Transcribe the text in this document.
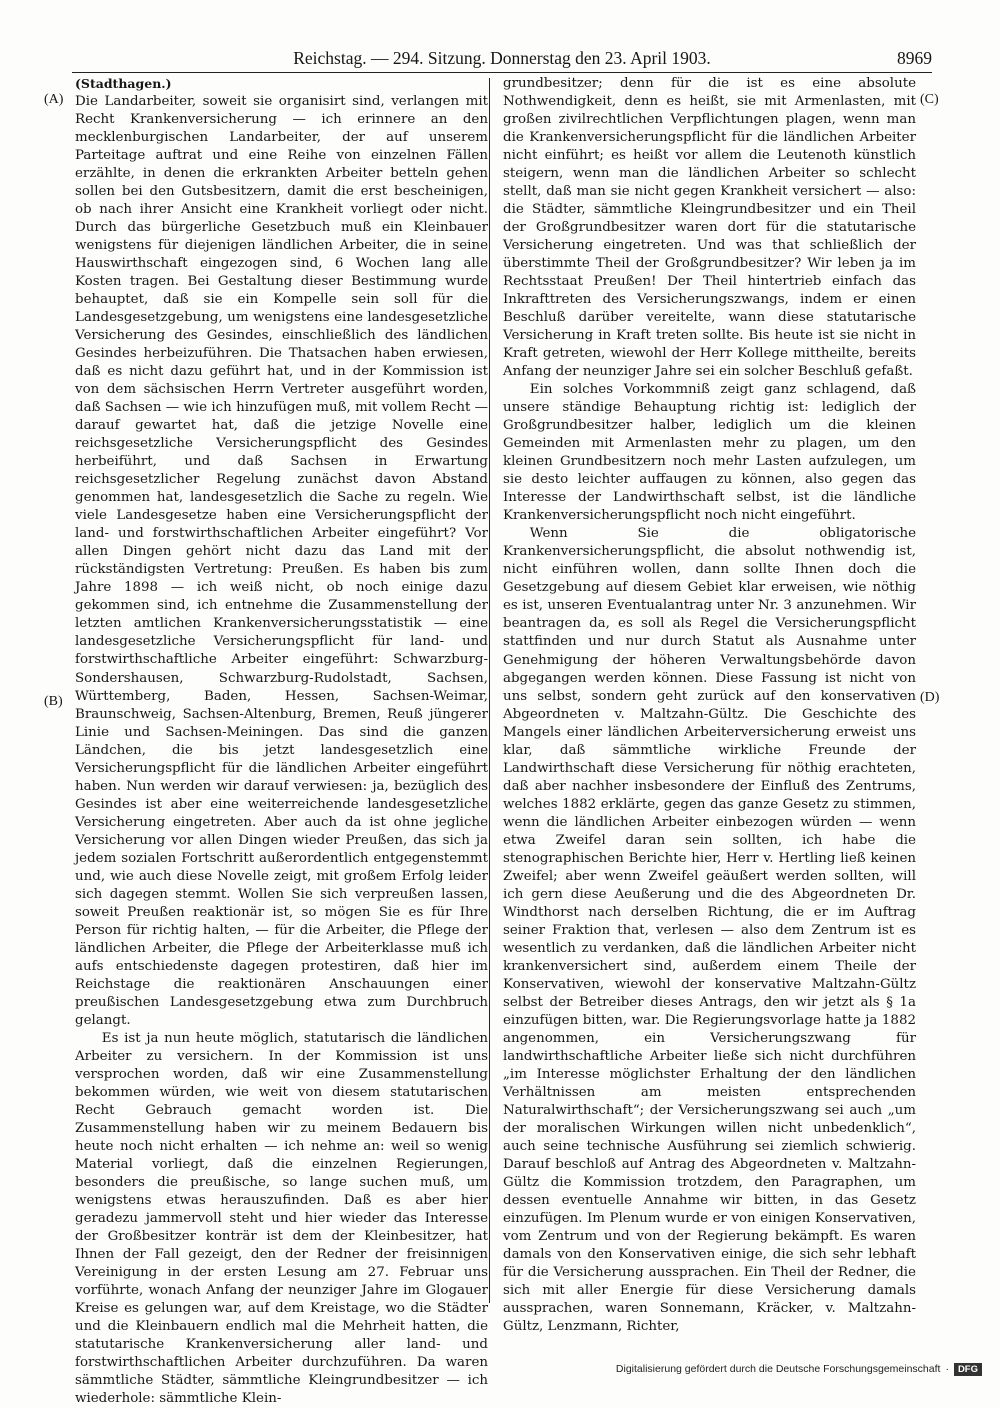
Reichstag. — 294. Sitzung. Donnerstag den 23. April 1903.	8969
(Stadthagen.)

Die Landarbeiter, soweit sie organisirt sind, verlangen mit Recht Krankenversicherung — ich erinnere an den mecklenburgischen Landarbeiter, der auf unserem Parteitage auftrat und eine Reihe von einzelnen Fällen erzählte, in denen die erkrankten Arbeiter betteln gehen sollen bei den Gutsbesitzern, damit die erst bescheinigen, ob nach ihrer Ansicht eine Krankheit vorliegt oder nicht. Durch das bürgerliche Gesetzbuch muß ein Kleinbauer wenigstens für diejenigen ländlichen Arbeiter, die in seine Hauswirthschaft eingezogen sind, 6 Wochen lang alle Kosten tragen. Bei Gestaltung dieser Bestimmung wurde behauptet, daß sie ein Kompelle sein soll für die Landesgesetzgebung, um wenigstens eine landesgesetzliche Versicherung des Gesindes, einschließlich des ländlichen Gesindes herbeizuführen. Die Thatsachen haben erwiesen, daß es nicht dazu geführt hat, und in der Kommission ist von dem sächsischen Herrn Vertreter ausgeführt worden, daß Sachsen — wie ich hinzufügen muß, mit vollem Recht — darauf gewartet hat, daß die jetzige Novelle eine reichsgesetzliche Versicherungspflicht des Gesindes herbeiführt, und daß Sachsen in Erwartung reichsgesetzlicher Regelung zunächst davon Abstand genommen hat, landesgesetzlich die Sache zu regeln. Wie viele Landesgesetze haben eine Versicherungspflicht der land- und forstwirthschaftlichen Arbeiter eingeführt? Vor allen Dingen gehört nicht dazu das Land mit der rückständigsten Vertretung: Preußen. Es haben bis zum Jahre 1898 — ich weiß nicht, ob noch einige dazu gekommen sind, ich entnehme die Zusammenstellung der letzten amtlichen Krankenversicherungsstatistik — eine landesgesetzliche Versicherungspflicht für land- und forstwirthschaftliche Arbeiter eingeführt: Schwarzburg-Sondershausen, Schwarzburg-Rudolstadt, Sachsen, Württemberg, Baden, Hessen, Sachsen-Weimar, Braunschweig, Sachsen-Altenburg, Bremen, Reuß jüngerer Linie und Sachsen-Meiningen. Das sind die ganzen Ländchen, die bis jetzt landesgesetzlich eine Versicherungspflicht für die ländlichen Arbeiter eingeführt haben. Nun werden wir darauf verwiesen: ja, bezüglich des Gesindes ist aber eine weiterreichende landesgesetzliche Versicherung eingetreten. Aber auch da ist ohne jegliche Versicherung vor allen Dingen wieder Preußen, das sich ja jedem sozialen Fortschritt außerordentlich entgegenstemmt und, wie auch diese Novelle zeigt, mit großem Erfolg leider sich dagegen stemmt. Wollen Sie sich verpreußen lassen, soweit Preußen reaktionär ist, so mögen Sie es für Ihre Person für richtig halten, — für die Arbeiter, die Pflege der ländlichen Arbeiter, die Pflege der Arbeiterklasse muß ich aufs entschiedenste dagegen protestiren, daß hier im Reichstage die reaktionären Anschauungen einer preußischen Landesgesetzgebung etwa zum Durchbruch gelangt.

Es ist ja nun heute möglich, statutarisch die ländlichen Arbeiter zu versichern. In der Kommission ist uns versprochen worden, daß wir eine Zusammenstellung bekommen würden, wie weit von diesem statutarischen Recht Gebrauch gemacht worden ist. Die Zusammenstellung haben wir zu meinem Bedauern bis heute noch nicht erhalten — ich nehme an: weil so wenig Material vorliegt, daß die einzelnen Regierungen, besonders die preußische, so lange suchen muß, um wenigstens etwas herauszufinden. Daß es aber hier geradezu jammervoll steht und hier wieder das Interesse der Großbesitzer konträr ist dem der Kleinbesitzer, hat Ihnen der Fall gezeigt, den der Redner der freisinnigen Vereinigung in der ersten Lesung am 27. Februar uns vorführte, wonach Anfang der neunziger Jahre im Glogauer Kreise es gelungen war, auf dem Kreistage, wo die Städter und die Kleinbauern endlich mal die Mehrheit hatten, die statutarische Krankenversicherung aller land- und forstwirthschaftlichen Arbeiter durchzuführen. Da waren sämmtliche Städter, sämmtliche Kleingrundbesitzer — ich wiederhole: sämmtliche Klein-

grundbesitzer; denn für die ist es eine absolute Nothwendigkeit, denn es heißt, sie mit Armenlasten, mit großen zivilrechtlichen Verpflichtungen plagen, wenn man die Krankenversicherungspflicht für die ländlichen Arbeiter nicht einführt; es heißt vor allem die Leutenoth künstlich steigern, wenn man die ländlichen Arbeiter so schlecht stellt, daß man sie nicht gegen Krankheit versichert — also: die Städter, sämmtliche Kleingrundbesitzer und ein Theil der Großgrundbesitzer waren dort für die statutarische Versicherung eingetreten. Und was that schließlich der überstimmte Theil der Großgrundbesitzer? Wir leben ja im Rechtsstaat Preußen! Der Theil hintertrieb einfach das Inkrafttreten des Versicherungszwangs, indem er einen Beschluß darüber vereitelte, wann diese statutarische Versicherung in Kraft treten sollte. Bis heute ist sie nicht in Kraft getreten, wiewohl der Herr Kollege mittheilte, bereits Anfang der neunziger Jahre sei ein solcher Beschluß gefaßt.

Ein solches Vorkommniß zeigt ganz schlagend, daß unsere ständige Behauptung richtig ist: lediglich der Großgrundbesitzer halber, lediglich um die kleinen Gemeinden mit Armenlasten mehr zu plagen, um den kleinen Grundbesitzern noch mehr Lasten aufzulegen, um sie desto leichter auffaugen zu können, also gegen das Interesse der Landwirthschaft selbst, ist die ländliche Krankenversicherungspflicht noch nicht eingeführt.

Wenn Sie die obligatorische Krankenversicherungspflicht, die absolut nothwendig ist, nicht einführen wollen, dann sollte Ihnen doch die Gesetzgebung auf diesem Gebiet klar erweisen, wie nöthig es ist, unseren Eventualantrag unter Nr. 3 anzunehmen. Wir beantragen da, es soll als Regel die Versicherungspflicht stattfinden und nur durch Statut als Ausnahme unter Genehmigung der höheren Verwaltungsbehörde davon abgegangen werden können. Diese Fassung ist nicht von uns selbst, sondern geht zurück auf den konservativen Abgeordneten v. Maltzahn-Gültz. Die Geschichte des Mangels einer ländlichen Arbeiterversicherung erweist uns klar, daß sämmtliche wirkliche Freunde der Landwirthschaft diese Versicherung für nöthig erachteten, daß aber nachher insbesondere der Einfluß des Zentrums, welches 1882 erklärte, gegen das ganze Gesetz zu stimmen, wenn die ländlichen Arbeiter einbezogen würden — wenn etwa Zweifel daran sein sollten, ich habe die stenographischen Berichte hier, Herr v. Hertling ließ keinen Zweifel; aber wenn Zweifel geäußert werden sollten, will ich gern diese Aeußerung und die des Abgeordneten Dr. Windthorst nach derselben Richtung, die er im Auftrag seiner Fraktion that, verlesen — also dem Zentrum ist es wesentlich zu verdanken, daß die ländlichen Arbeiter nicht krankenversichert sind, außerdem einem Theile der Konservativen, wiewohl der konservative Maltzahn-Gültz selbst der Betreiber dieses Antrags, den wir jetzt als § 1a einzufügen bitten, war. Die Regierungsvorlage hatte ja 1882 angenommen, ein Versicherungszwang für landwirthschaftliche Arbeiter ließe sich nicht durchführen „im Interesse möglichster Erhaltung der den ländlichen Verhältnissen am meisten entsprechenden Naturalwirthschaft“; der Versicherungszwang sei auch „um der moralischen Wirkungen willen nicht unbedenklich“, auch seine technische Ausführung sei ziemlich schwierig. Darauf beschloß auf Antrag des Abgeordneten v. Maltzahn-Gültz die Kommission trotzdem, den Paragraphen, um dessen eventuelle Annahme wir bitten, in das Gesetz einzufügen. Im Plenum wurde er von einigen Konservativen, vom Zentrum und von der Regierung bekämpft. Es waren damals von den Konservativen einige, die sich sehr lebhaft für die Versicherung aussprachen. Ein Theil der Redner, die sich mit aller Energie für diese Versicherung damals aussprachen, waren Sonnemann, Kräcker, v. Maltzahn-Gültz, Lenzmann, Richter,

(A)
(B)
(C)
(D)
Digitalisierung gefördert durch die Deutsche Forschungsgemeinschaft · DFG
